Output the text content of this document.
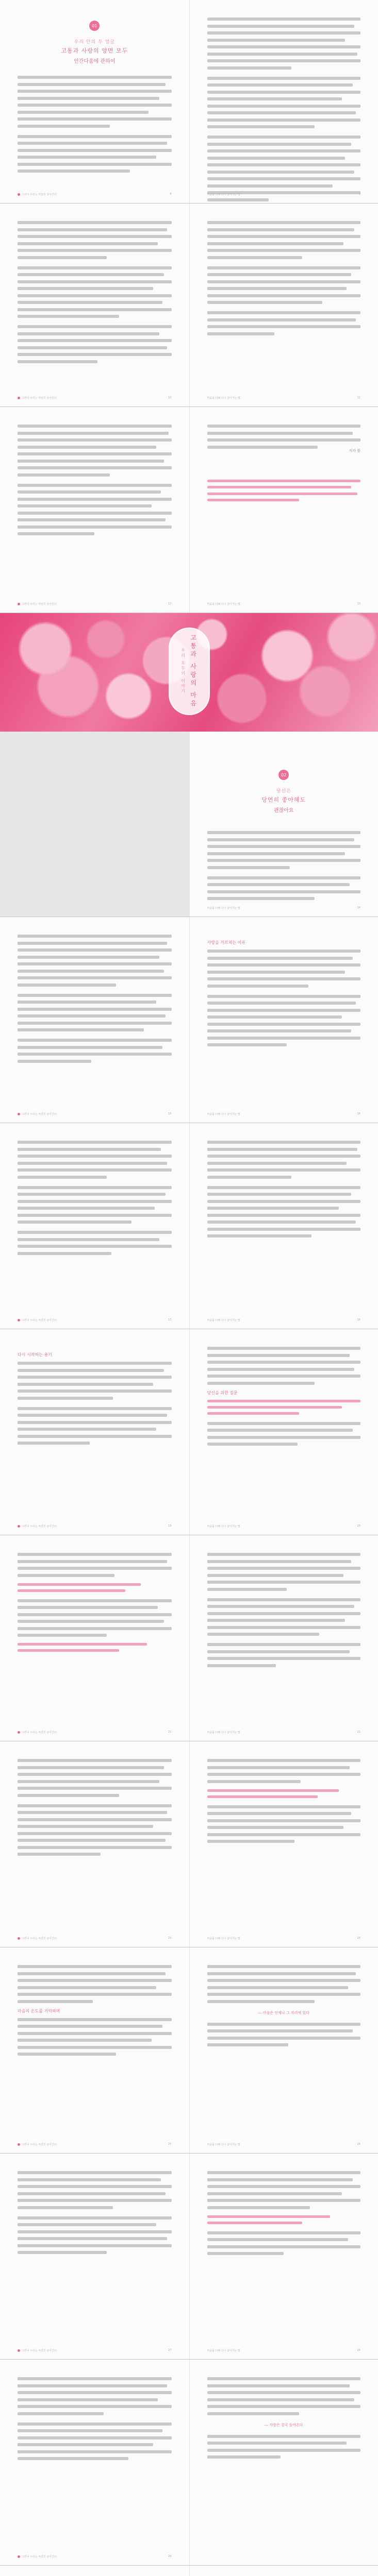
01
우리 안의 두 얼굴
고통과 사랑의 양면 모두
인간다움에 관하여
그러나 우리는 여전히 살아간다	8	마음을 다해 다시 살아가는 법	9
그러나 우리는 여전히 살아간다	10	마음을 다해 다시 살아가는 법	11
그러나 우리는 여전히 살아간다	12
저자 씀
마음을 다해 다시 살아가는 법	13
우리 모두의 이야기 고통과 사랑의 마음
02
당신은
당연히 좋아해도
괜찮아요
마음을 다해 다시 살아가는 법	14
그러나 우리는 여전히 살아간다	15
사랑을 가르치는 이유
마음을 다해 다시 살아가는 법	16
그러나 우리는 여전히 살아간다	17	마음을 다해 다시 살아가는 법	18
다시 시작하는 용기
그러나 우리는 여전히 살아간다	19
당신을 위한 질문
마음을 다해 다시 살아가는 법	20
그러나 우리는 여전히 살아간다	21	마음을 다해 다시 살아가는 법	22
그러나 우리는 여전히 살아간다	23	마음을 다해 다시 살아가는 법	24
마음의 온도를 기억하며
그러나 우리는 여전히 살아간다	25
― 마음은 언제나 그 자리에 있다
마음을 다해 다시 살아가는 법	26
그러나 우리는 여전히 살아간다	27	마음을 다해 다시 살아가는 법	28
그러나 우리는 여전히 살아간다	29
― 사랑은 결국 돌아온다
